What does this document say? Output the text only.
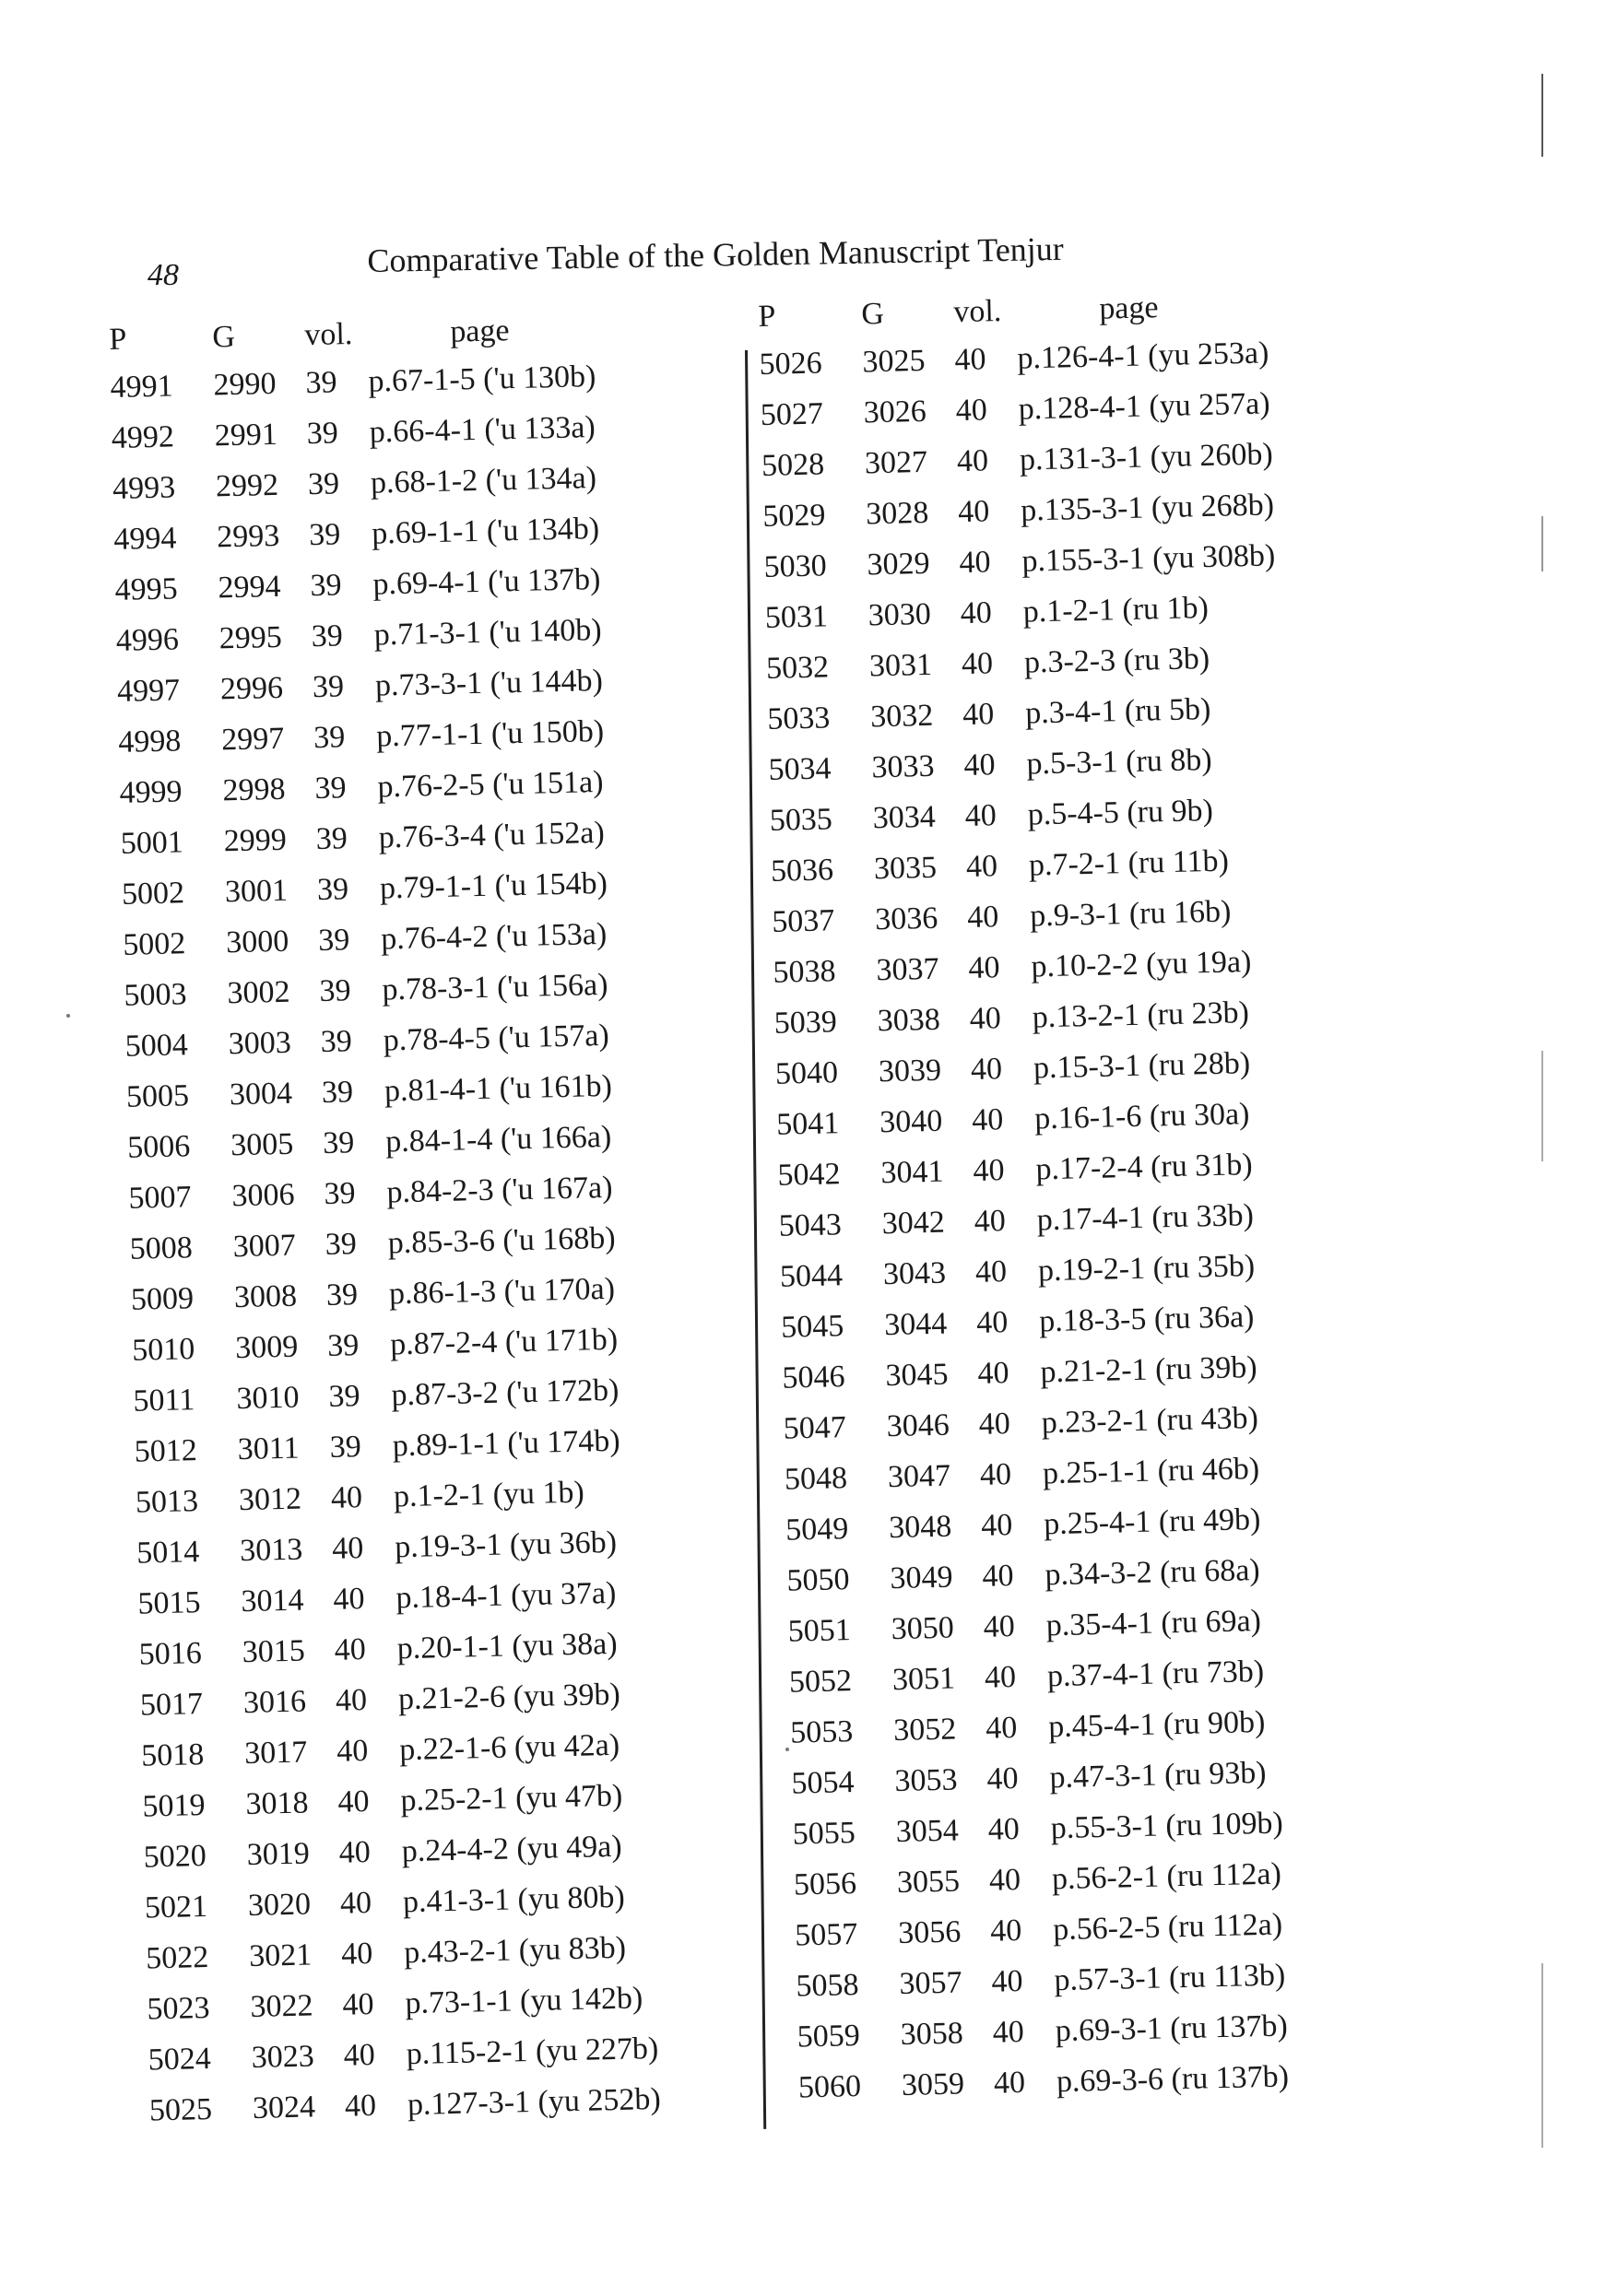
48	Comparative Table of the Golden Manuscript Tenjur
P	G vol.	page
4991 2990 39 p.67-1-5 ('u 130b)
4992 2991 39 p.66-4-1 ('u 133a)
4993 2992 39 p.68-1-2 ('u 134a)
4994 2993 39 p.69-1-1 ('u 134b)
4995 2994 39 p.69-4-1 ('u 137b)
4996 2995 39 p.71-3-1 ('u 140b)
4997 2996 39 p.73-3-1 ('u 144b)
4998 2997 39 p.77-1-1 ('u 150b)
4999 2998 39 p.76-2-5 ('u 151a)
5001 2999 39 p.76-3-4 ('u 152a)
5002 3001 39 p.79-1-1 ('u 154b)
5002 3000 39 p.76-4-2 ('u 153a)
5003 3002 39 p.78-3-1 ('u 156a)
5004 3003 39 p.78-4-5 ('u 157a)
5005 3004 39 p.81-4-1 ('u 161b)
5006 3005 39 p.84-1-4 ('u 166a)
5007 3006 39 p.84-2-3 ('u 167a)
5008 3007 39 p.85-3-6 ('u 168b)
5009 3008 39 p.86-1-3 ('u 170a)
5010 3009 39 p.87-2-4 ('u 171b)
5011 3010 39 p.87-3-2 ('u 172b)
5012 3011 39 p.89-1-1 ('u 174b)
5013 3012 40 p.1-2-1 (yu 1b)
5014 3013 40 p.19-3-1 (yu 36b)
5015 3014 40 p.18-4-1 (yu 37a)
5016 3015 40 p.20-1-1 (yu 38a)
5017 3016 40 p.21-2-6 (yu 39b)
5018 3017 40 p.22-1-6 (yu 42a)
5019 3018 40 p.25-2-1 (yu 47b)
5020 3019 40 p.24-4-2 (yu 49a)
5021 3020 40 p.41-3-1 (yu 80b)
5022 3021 40 p.43-2-1 (yu 83b)
5023 3022 40 p.73-1-1 (yu 142b)
5024 3023 40 p.115-2-1 (yu 227b)
5025 3024 40 p.127-3-1 (yu 252b)
P	G vol.	page
5026 3025 40 p.126-4-1 (yu 253a)
5027 3026 40 p.128-4-1 (yu 257a)
5028 3027 40 p.131-3-1 (yu 260b)
5029 3028 40 p.135-3-1 (yu 268b)
5030 3029 40 p.155-3-1 (yu 308b)
5031 3030 40 p.1-2-1 (ru 1b)
5032 3031 40 p.3-2-3 (ru 3b)
5033 3032 40 p.3-4-1 (ru 5b)
5034 3033 40 p.5-3-1 (ru 8b)
5035 3034 40 p.5-4-5 (ru 9b)
5036 3035 40 p.7-2-1 (ru 11b)
5037 3036 40 p.9-3-1 (ru 16b)
5038 3037 40 p.10-2-2 (yu 19a)
5039 3038 40 p.13-2-1 (ru 23b)
5040 3039 40 p.15-3-1 (ru 28b)
5041 3040 40 p.16-1-6 (ru 30a)
5042 3041 40 p.17-2-4 (ru 31b)
5043 3042 40 p.17-4-1 (ru 33b)
5044 3043 40 p.19-2-1 (ru 35b)
5045 3044 40 p.18-3-5 (ru 36a)
5046 3045 40 p.21-2-1 (ru 39b)
5047 3046 40 p.23-2-1 (ru 43b)
5048 3047 40 p.25-1-1 (ru 46b)
5049 3048 40 p.25-4-1 (ru 49b)
5050 3049 40 p.34-3-2 (ru 68a)
5051 3050 40 p.35-4-1 (ru 69a)
5052 3051 40 p.37-4-1 (ru 73b)
5053 3052 40 p.45-4-1 (ru 90b)
5054 3053 40 p.47-3-1 (ru 93b)
5055 3054 40 p.55-3-1 (ru 109b)
5056 3055 40 p.56-2-1 (ru 112a)
5057 3056 40 p.56-2-5 (ru 112a)
5058 3057 40 p.57-3-1 (ru 113b)
5059 3058 40 p.69-3-1 (ru 137b)
5060 3059 40 p.69-3-6 (ru 137b)
